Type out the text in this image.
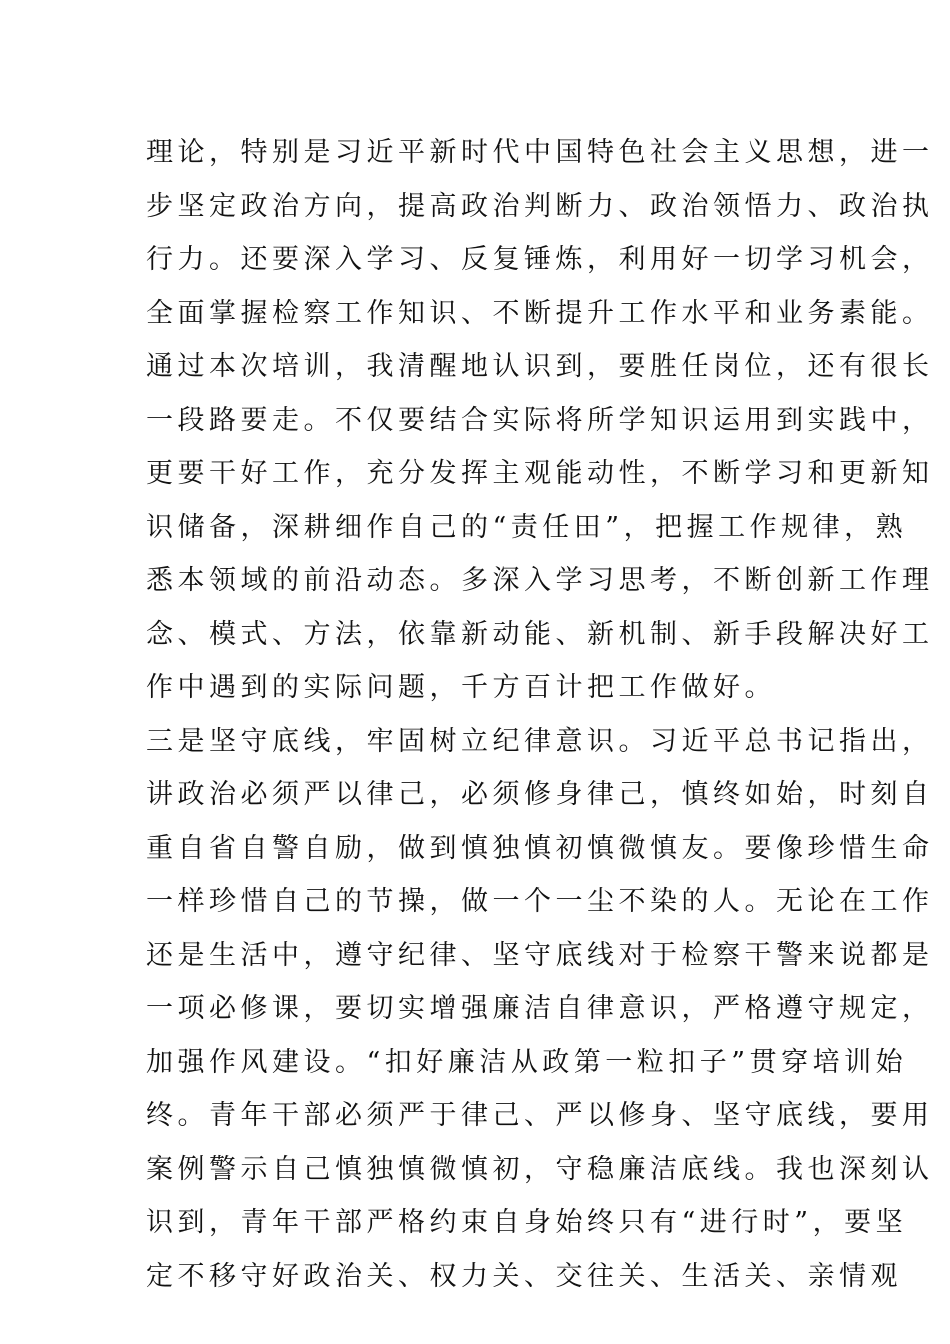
理论，特别是习近平新时代中国特色社会主义思想，进一
步坚定政治方向，提高政治判断力、政治领悟力、政治执
行力。还要深入学习、反复锤炼，利用好一切学习机会，
全面掌握检察工作知识、不断提升工作水平和业务素能。
通过本次培训，我清醒地认识到，要胜任岗位，还有很长
一段路要走。不仅要结合实际将所学知识运用到实践中，
更要干好工作，充分发挥主观能动性，不断学习和更新知
识储备，深耕细作自己的“责任田”，把握工作规律，熟
悉本领域的前沿动态。多深入学习思考，不断创新工作理
念、模式、方法，依靠新动能、新机制、新手段解决好工
作中遇到的实际问题，千方百计把工作做好。
三是坚守底线，牢固树立纪律意识。习近平总书记指出，
讲政治必须严以律己，必须修身律己，慎终如始，时刻自
重自省自警自励，做到慎独慎初慎微慎友。要像珍惜生命
一样珍惜自己的节操，做一个一尘不染的人。无论在工作
还是生活中，遵守纪律、坚守底线对于检察干警来说都是
一项必修课，要切实增强廉洁自律意识，严格遵守规定，
加强作风建设。“扣好廉洁从政第一粒扣子”贯穿培训始
终。青年干部必须严于律己、严以修身、坚守底线，要用
案例警示自己慎独慎微慎初，守稳廉洁底线。我也深刻认
识到，青年干部严格约束自身始终只有“进行时”，要坚
定不移守好政治关、权力关、交往关、生活关、亲情观
